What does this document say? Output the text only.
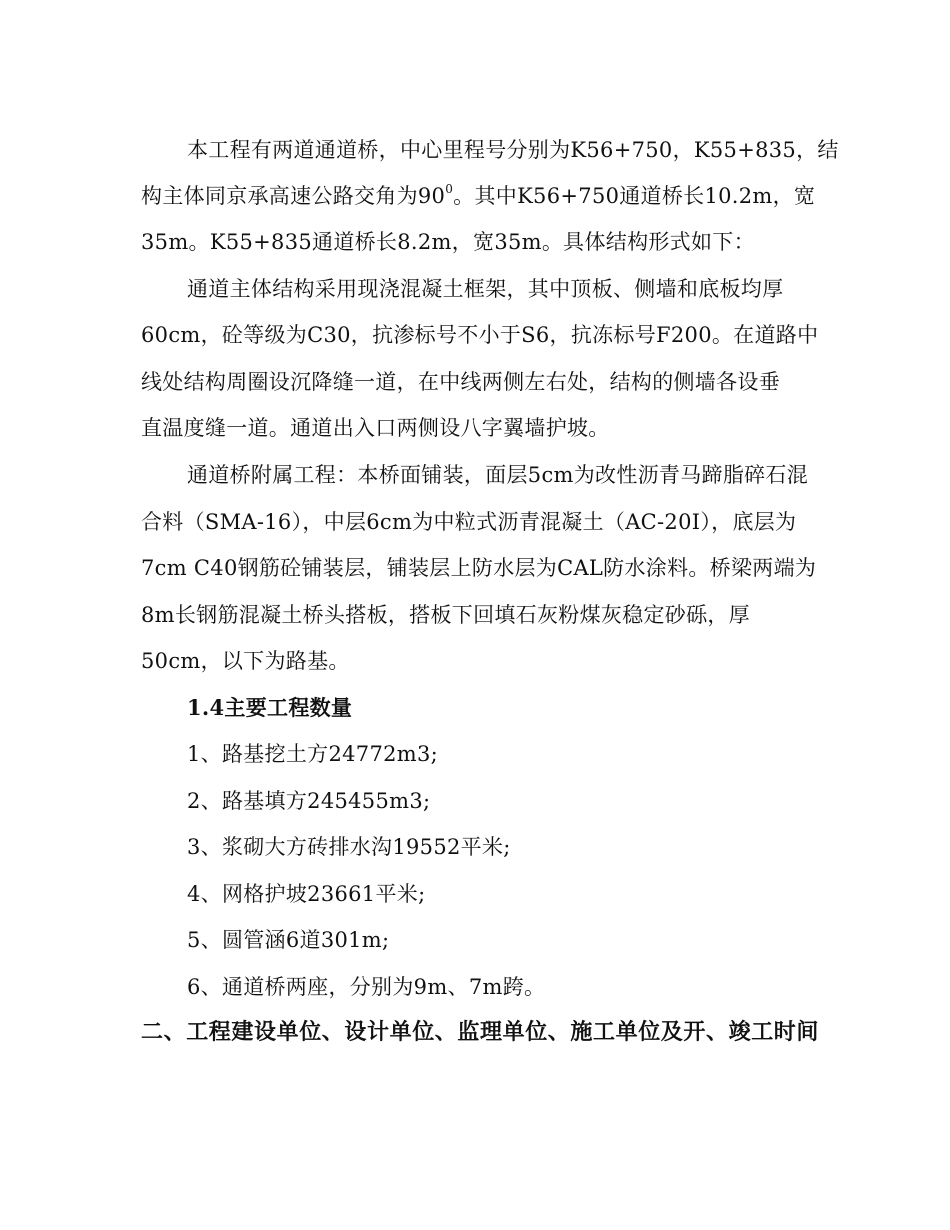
本工程有两道通道桥，中心里程号分别为K56+750，K55+835，结
构主体同京承高速公路交角为$90^0$。其中K56+750通道桥长10.2m，宽
35m。K55+835通道桥长8.2m，宽35m。具体结构形式如下：
通道主体结构采用现浇混凝土框架，其中顶板、侧墙和底板均厚
60cm，砼等级为C30，抗渗标号不小于S6，抗冻标号F200。在道路中
线处结构周圈设沉降缝一道，在中线两侧左右处，结构的侧墙各设垂
直温度缝一道。通道出入口两侧设八字翼墙护坡。
通道桥附属工程：本桥面铺装，面层5cm为改性沥青马蹄脂碎石混
合料（SMA-16），中层6cm为中粒式沥青混凝土（AC-20I），底层为
7cm C40钢筋砼铺装层，铺装层上防水层为CAL防水涂料。桥梁两端为
8m长钢筋混凝土桥头搭板，搭板下回填石灰粉煤灰稳定砂砾，厚
50cm，以下为路基。
1.4主要工程数量
1、路基挖土方24772m3;
2、路基填方245455m3;
3、浆砌大方砖排水沟19552平米;
4、网格护坡23661平米;
5、圆管涵6道301m;
6、通道桥两座，分别为9m、7m跨。
二、工程建设单位、设计单位、监理单位、施工单位及开、竣工时间
